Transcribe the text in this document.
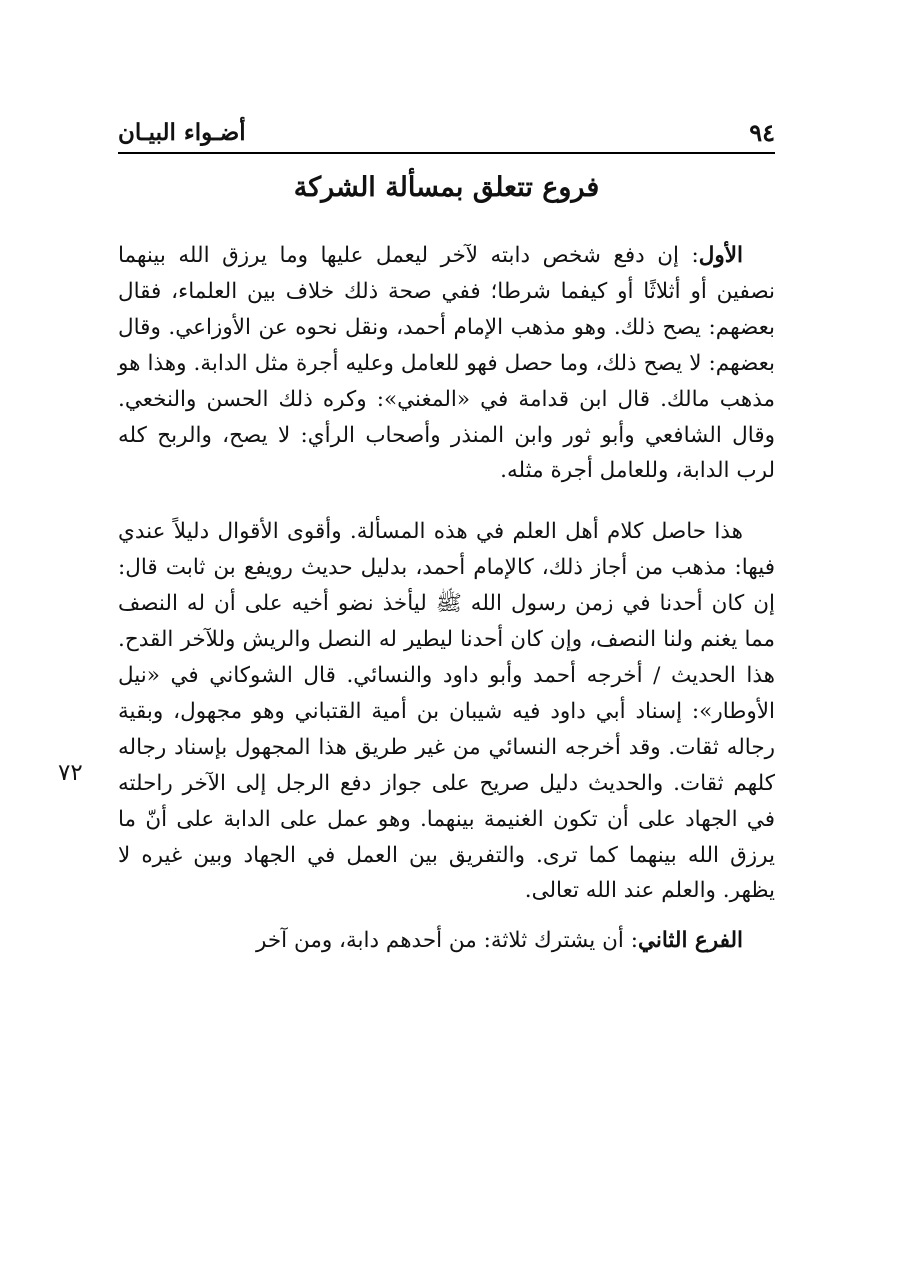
٩٤
أضـواء البيـان
فروع تتعلق بمسألة الشركة

الأول: إن دفع شخص دابته لآخر ليعمل عليها وما يرزق الله بينهما نصفين أو أثلاثًا أو كيفما شرطا؛ ففي صحة ذلك خلاف بين العلماء، فقال بعضهم: يصح ذلك. وهو مذهب الإمام أحمد، ونقل نحوه عن الأوزاعي. وقال بعضهم: لا يصح ذلك، وما حصل فهو للعامل وعليه أجرة مثل الدابة. وهذا هو مذهب مالك. قال ابن قدامة في «المغني»: وكره ذلك الحسن والنخعي. وقال الشافعي وأبو ثور وابن المنذر وأصحاب الرأي: لا يصح، والربح كله لرب الدابة، وللعامل أجرة مثله.

هذا حاصل كلام أهل العلم في هذه المسألة. وأقوى الأقوال دليلاً عندي فيها: مذهب من أجاز ذلك، كالإمام أحمد، بدليل حديث رويفع بن ثابت قال: إن كان أحدنا في زمن رسول الله ﷺ ليأخذ نضو أخيه على أن له النصف مما يغنم ولنا النصف، وإن كان أحدنا ليطير له النصل والريش وللآخر القدح. هذا الحديث / أخرجه أحمد وأبو داود والنسائي. قال الشوكاني في «نيل الأوطار»: إسناد أبي داود فيه شيبان بن أمية القتباني وهو مجهول، وبقية رجاله ثقات. وقد أخرجه النسائي من غير طريق هذا المجهول بإسناد رجاله كلهم ثقات. والحديث دليل صريح على جواز دفع الرجل إلى الآخر راحلته في الجهاد على أن تكون الغنيمة بينهما. وهو عمل على الدابة على أنّ ما يرزق الله بينهما كما ترى. والتفريق بين العمل في الجهاد وبين غيره لا يظهر. والعلم عند الله تعالى.

الفرع الثاني: أن يشترك ثلاثة: من أحدهم دابة، ومن آخر

٧٢
